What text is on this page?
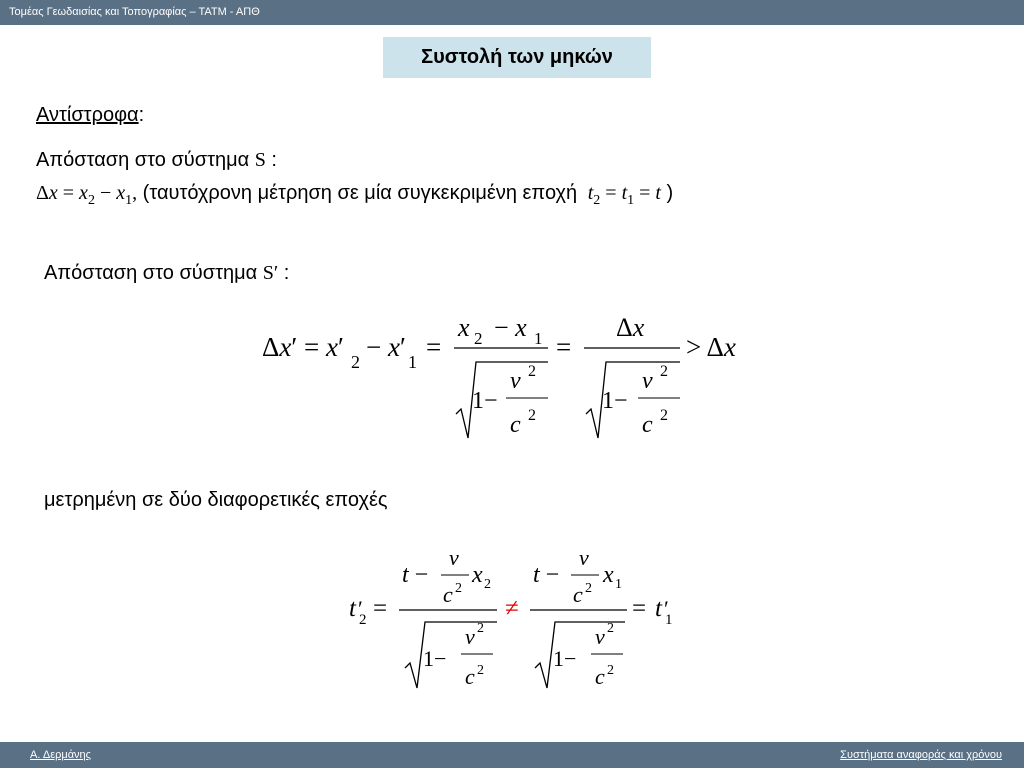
Τομέας Γεωδαισίας και Τοπογραφίας – ΤΑΤΜ - ΑΠΘ
Συστολή των μηκών
Αντίστροφα:
Απόσταση στο σύστημα S :
$\Delta x = x_2 - x_1$, (ταυτόχρονη μέτρηση σε μία συγκεκριμένη εποχή $t_2 = t_1 = t$ )
Απόσταση στο σύστημα S′ :
Δx′ = x′ 2 − x′ 1 =
x 2 − x 1
1−
v 2
c 2
=
Δx
1−
v 2
c 2
> Δx
μετρημένη σε δύο διαφορετικές εποχές
t ′
2 =
t −
v
c 2
x 2
1−
v 2
c 2
≠
t −
v
c 2
x 1
1−
v 2
c 2
= t ′
1
Α. Δερμάνης	Συστήματα αναφοράς και χρόνου
